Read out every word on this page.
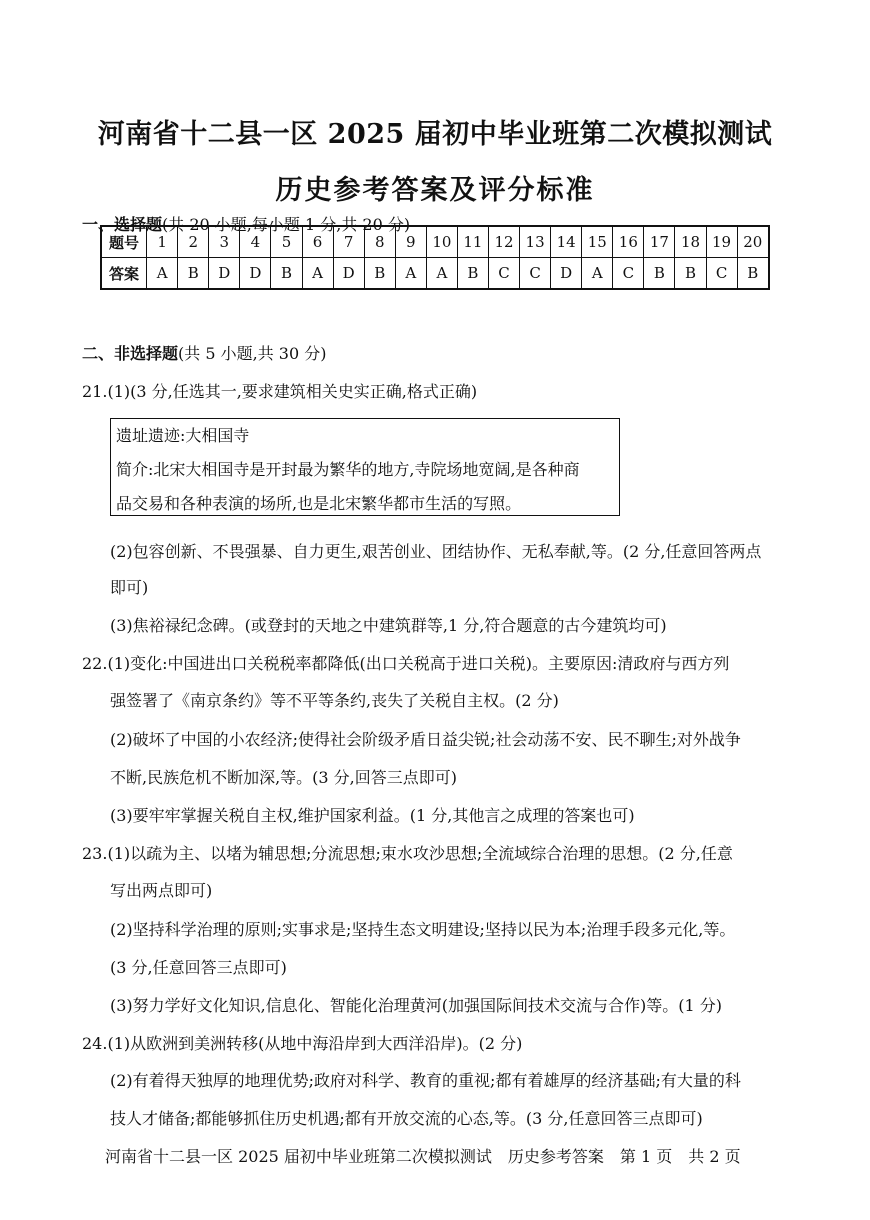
河南省十二县一区 2025 届初中毕业班第二次模拟测试
历史参考答案及评分标准
一、选择题(共 20 小题,每小题 1 分,共 20 分)
题号	1	2	3	4	5	6	7	8	9	10	11	12	13	14	15	16	17	18	19	20
答案	A	B	D	D	B	A	D	B	A	A	B	C	C	D	A	C	B	B	C	B
二、非选择题(共 5 小题,共 30 分)
21.(1)(3 分,任选其一,要求建筑相关史实正确,格式正确)
遗址遗迹:大相国寺
简介:北宋大相国寺是开封最为繁华的地方,寺院场地宽阔,是各种商
品交易和各种表演的场所,也是北宋繁华都市生活的写照。
(2)包容创新、不畏强暴、自力更生,艰苦创业、团结协作、无私奉献,等。(2 分,任意回答两点
即可)
(3)焦裕禄纪念碑。(或登封的天地之中建筑群等,1 分,符合题意的古今建筑均可)
22.(1)变化:中国进出口关税税率都降低(出口关税高于进口关税)。主要原因:清政府与西方列
强签署了《南京条约》等不平等条约,丧失了关税自主权。(2 分)
(2)破坏了中国的小农经济;使得社会阶级矛盾日益尖锐;社会动荡不安、民不聊生;对外战争
不断,民族危机不断加深,等。(3 分,回答三点即可)
(3)要牢牢掌握关税自主权,维护国家利益。(1 分,其他言之成理的答案也可)
23.(1)以疏为主、以堵为辅思想;分流思想;束水攻沙思想;全流域综合治理的思想。(2 分,任意
写出两点即可)
(2)坚持科学治理的原则;实事求是;坚持生态文明建设;坚持以民为本;治理手段多元化,等。
(3 分,任意回答三点即可)
(3)努力学好文化知识,信息化、智能化治理黄河(加强国际间技术交流与合作)等。(1 分)
24.(1)从欧洲到美洲转移(从地中海沿岸到大西洋沿岸)。(2 分)
(2)有着得天独厚的地理优势;政府对科学、教育的重视;都有着雄厚的经济基础;有大量的科
技人才储备;都能够抓住历史机遇;都有开放交流的心态,等。(3 分,任意回答三点即可)
河南省十二县一区 2025 届初中毕业班第二次模拟测试　历史参考答案　第 1 页　共 2 页
